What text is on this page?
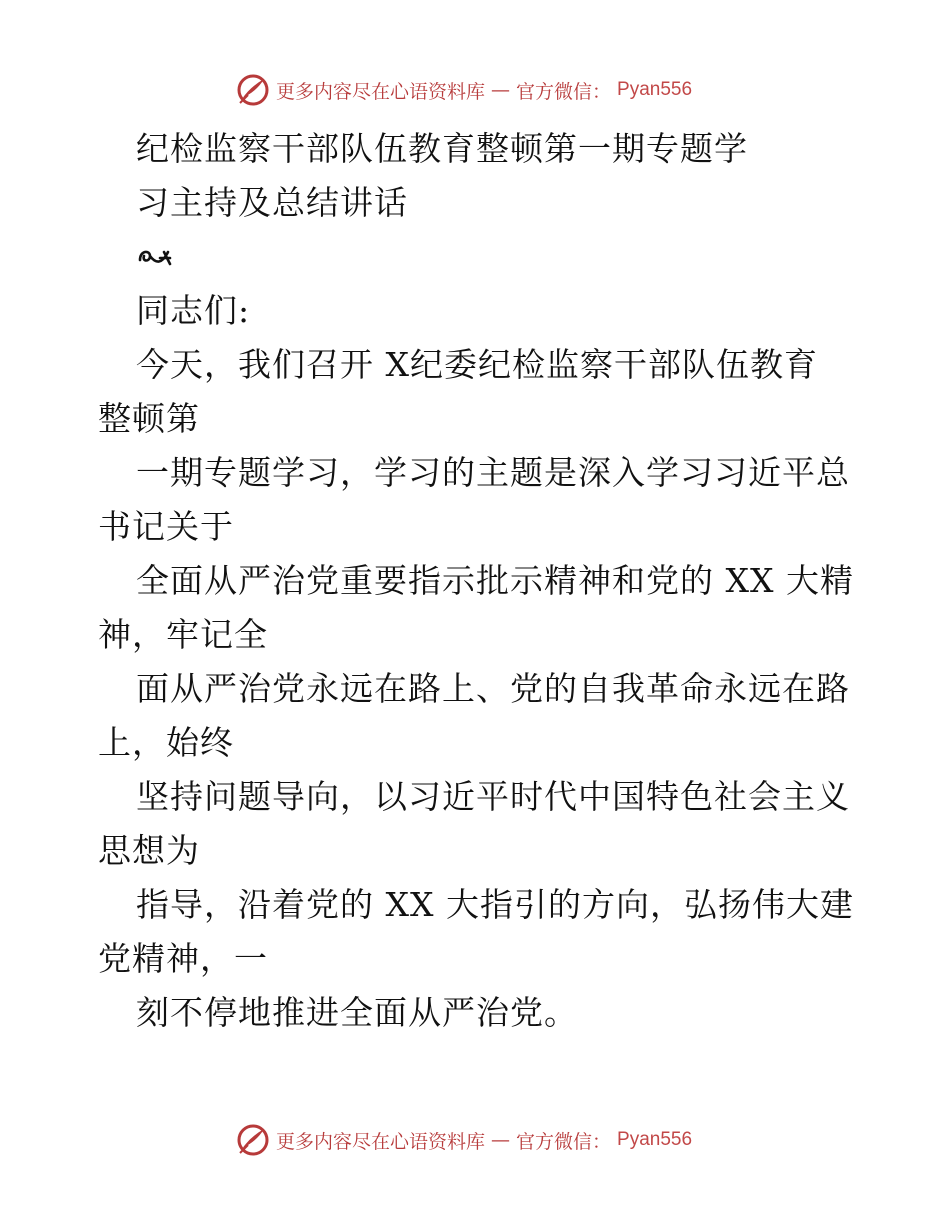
更多内容尽在心语资料库 — 官方微信： Pyan556
纪检监察干部队伍教育整顿第一期专题学
习主持及总结讲话
同志们:
今天，我们召开 X纪委纪检监察干部队伍教育
整顿第
一期专题学习，学习的主题是深入学习习近平总
书记关于
全面从严治党重要指示批示精神和党的 XX 大精
神，牢记全
面从严治党永远在路上、党的自我革命永远在路
上，始终
坚持问题导向，以习近平时代中国特色社会主义
思想为
指导，沿着党的 XX 大指引的方向，弘扬伟大建
党精神，一
刻不停地推进全面从严治党。
更多内容尽在心语资料库 — 官方微信： Pyan556
